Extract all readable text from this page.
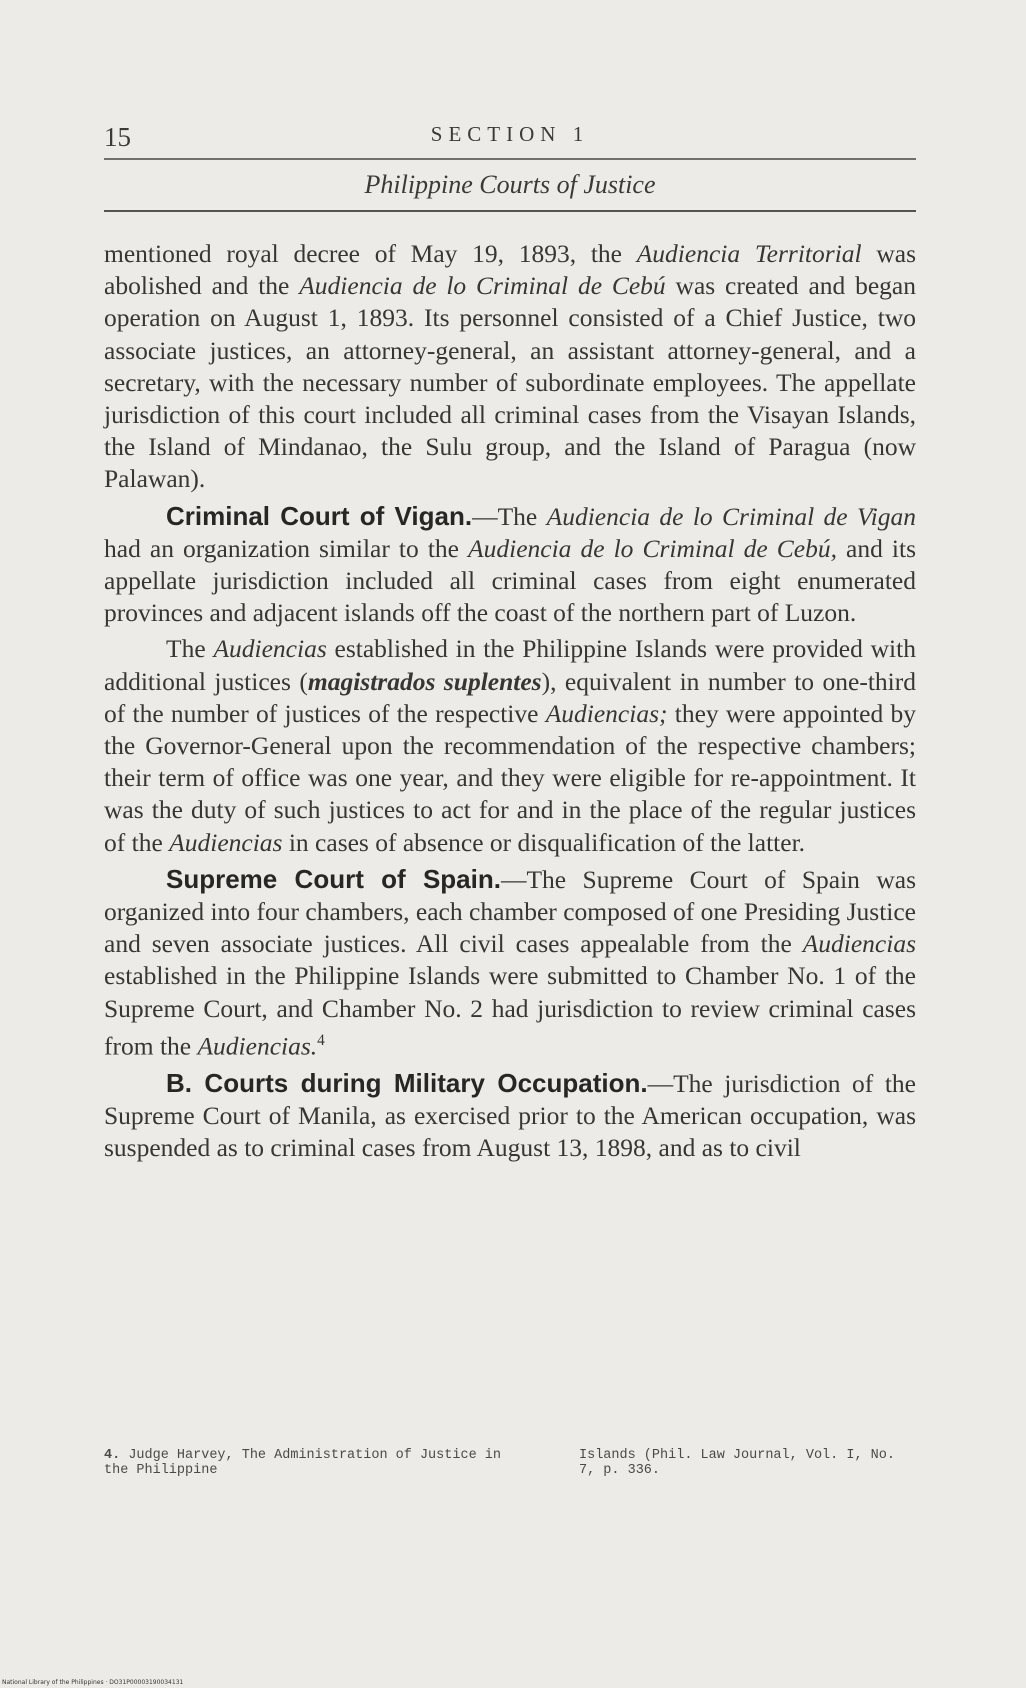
15	SECTION 1
Philippine Courts of Justice

mentioned royal decree of May 19, 1893, the Audiencia Territorial was abolished and the Audiencia de lo Criminal de Cebú was created and began operation on August 1, 1893. Its personnel consisted of a Chief Justice, two associate justices, an attorney-general, an assistant attorney-general, and a secretary, with the necessary number of subordinate employees. The appellate jurisdiction of this court included all criminal cases from the Visayan Islands, the Island of Mindanao, the Sulu group, and the Island of Paragua (now Palawan).

Criminal Court of Vigan.—The Audiencia de lo Criminal de Vigan had an organization similar to the Audiencia de lo Criminal de Cebú, and its appellate jurisdiction included all criminal cases from eight enumerated provinces and adjacent islands off the coast of the northern part of Luzon.

The Audiencias established in the Philippine Islands were provided with additional justices (magistrados suplentes), equivalent in number to one-third of the number of justices of the respective Audiencias; they were appointed by the Governor-General upon the recommendation of the respective chambers; their term of office was one year, and they were eligible for re-appointment. It was the duty of such justices to act for and in the place of the regular justices of the Audiencias in cases of absence or disqualification of the latter.

Supreme Court of Spain.—The Supreme Court of Spain was organized into four chambers, each chamber composed of one Presiding Justice and seven associate justices. All civil cases appealable from the Audiencias established in the Philippine Islands were submitted to Chamber No. 1 of the Supreme Court, and Chamber No. 2 had jurisdiction to review criminal cases from the Audiencias.$^4$

B. Courts during Military Occupation.—The jurisdiction of the Supreme Court of Manila, as exercised prior to the American occupation, was suspended as to criminal cases from August 13, 1898, and as to civil

4. Judge Harvey, The Administration of Justice in the Philippine
Islands (Phil. Law Journal, Vol. I, No. 7, p. 336.
National Library of the Philippines · DO31P00003190034131
